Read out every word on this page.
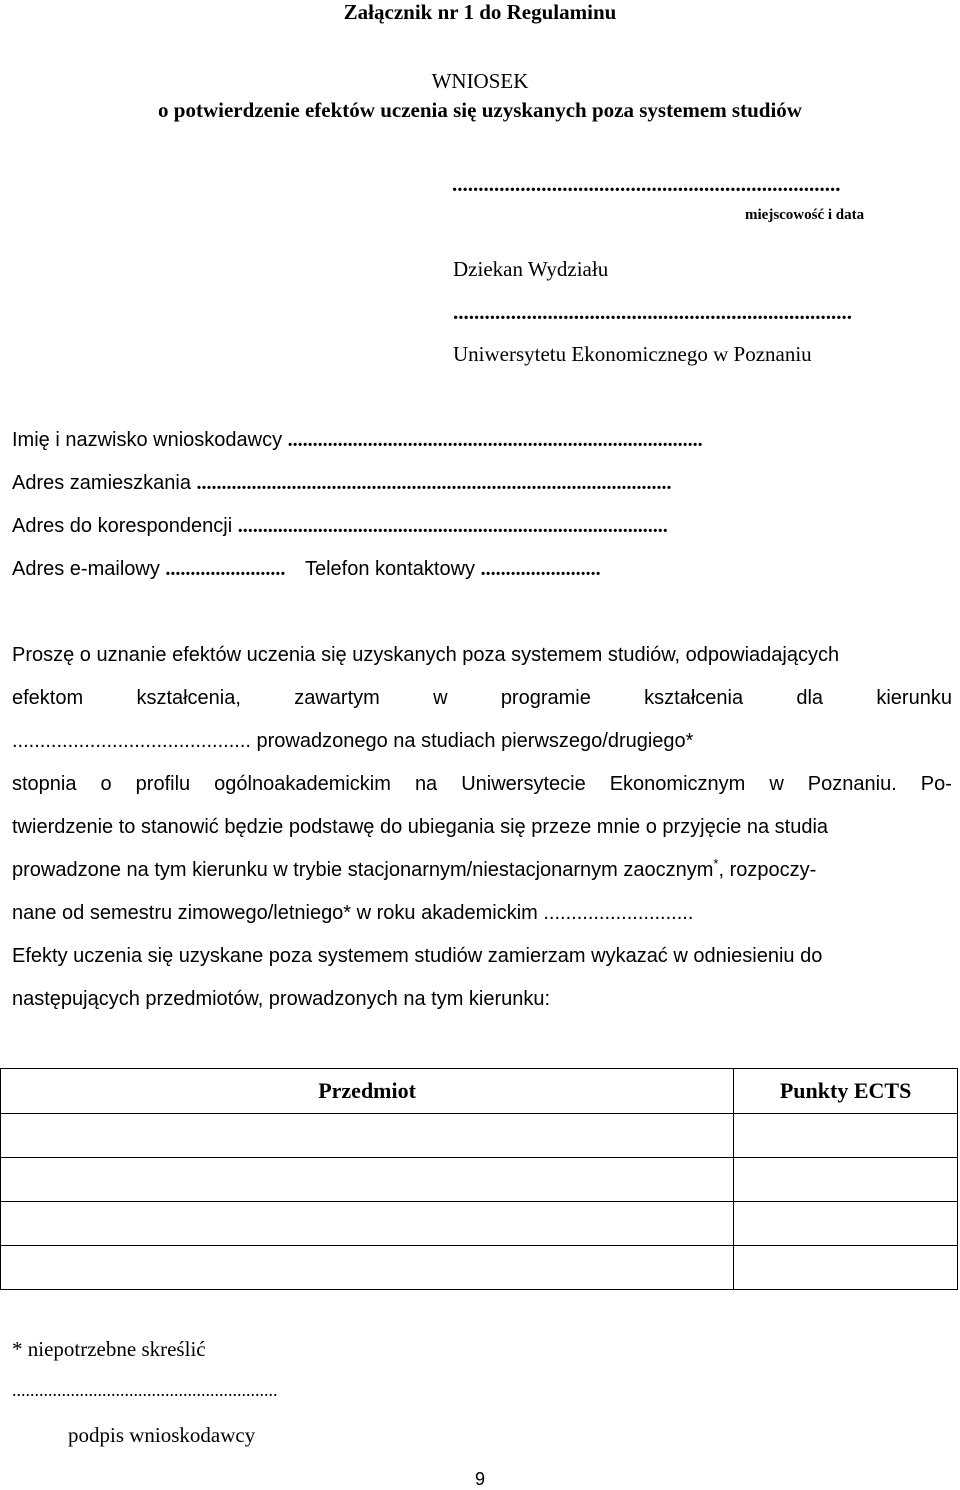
Załącznik nr 1 do Regulaminu
WNIOSEK
o potwierdzenie efektów uczenia się uzyskanych poza systemem studiów
..........................................................................
miejscowość i data
Dziekan Wydziału
............................................................................
Uniwersytetu Ekonomicznego w Poznaniu
Imię i nazwisko wnioskodawcy ...................................................................................
Adres zamieszkania ...............................................................................................
Adres do korespondencji ......................................................................................
Adres e-mailowy ........................ Telefon kontaktowy ........................
Proszę o uznanie efektów uczenia się uzyskanych poza systemem studiów, odpowiadających
efektom	kształcenia,	zawartym	w	programie	kształcenia	dla	kierunku
........................................... prowadzonego na studiach pierwszego/drugiego*
stopnia o profilu ogólnoakademickim na Uniwersytecie Ekonomicznym w Poznaniu. Po-
twierdzenie to stanowić będzie podstawę do ubiegania się przeze mnie o przyjęcie na studia
prowadzone na tym kierunku w trybie stacjonarnym/niestacjonarnym zaocznym*, rozpoczy-
nane od semestru zimowego/letniego* w roku akademickim ...........................
Efekty uczenia się uzyskane poza systemem studiów zamierzam wykazać w odniesieniu do
następujących przedmiotów, prowadzonych na tym kierunku:
Przedmiot	Punkty ECTS

* niepotrzebne skreślić
...........................................................
podpis wnioskodawcy
9
